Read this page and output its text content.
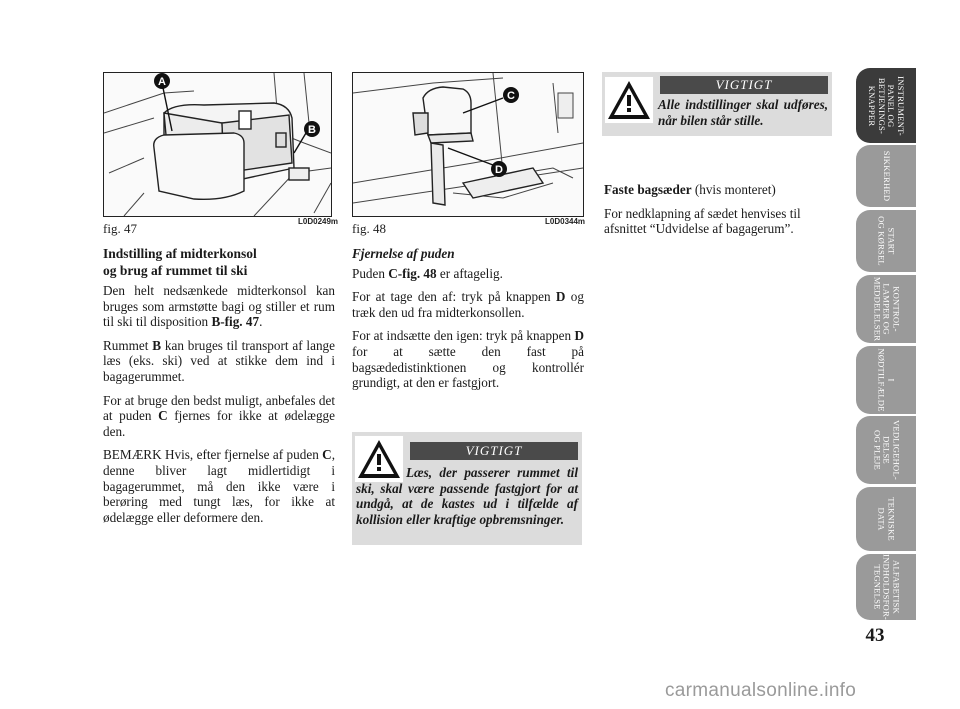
A
B
fig. 47	L0D0249m
C
D
fig. 48	L0D0344m
Indstilling af midterkonsol
og brug af rummet til ski

Den helt nedsænkede midterkonsol kan bruges som armstøtte bagi og stiller et rum til ski til disposition B-fig. 47.

Rummet B kan bruges til transport af lange læs (eks. ski) ved at stikke dem ind i bagagerummet.

For at bruge den bedst muligt, anbefales det at puden C fjernes for ikke at ødelægge den.

BEMÆRK Hvis, efter fjernelse af puden C, denne bliver lagt midlertidigt i bagagerummet, må den ikke være i berøring med tungt læs, for ikke at ødelægge eller deformere den.

Fjernelse af puden

Puden C-fig. 48 er aftagelig.

For at tage den af: tryk på knappen D og træk den ud fra midterkonsollen.

For at indsætte den igen: tryk på knappen D for at sætte den fast på bagsædedistinktionen og kontrollér grundigt, at den er fastgjort.

VIGTIGT
Læs, der passerer rummet til ski, skal være passende fastgjort for at undgå, at de kastes ud i tilfælde af kollision eller kraftige opbremsninger.
VIGTIGT
Alle indstillinger skal udføres, når bilen står stille.

Faste bagsæder (hvis monteret)

For nedklapning af sædet henvises til afsnittet “Udvidelse af bagagerum”.

INSTRUMENT-
PANEL OG
BETJENINGS-
KNAPPER
SIKKERHED
START
OG KØRSEL
KONTROL-
LAMPER OG
MEDDELELSER
I
NØDTILFÆLDE
VEDLIGEHOL-
DELSE
OG PLEJE
TEKNISKE
DATA
ALFABETISK
INDHOLDSFOR-
TEGNELSE
43
carmanualsonline.info
